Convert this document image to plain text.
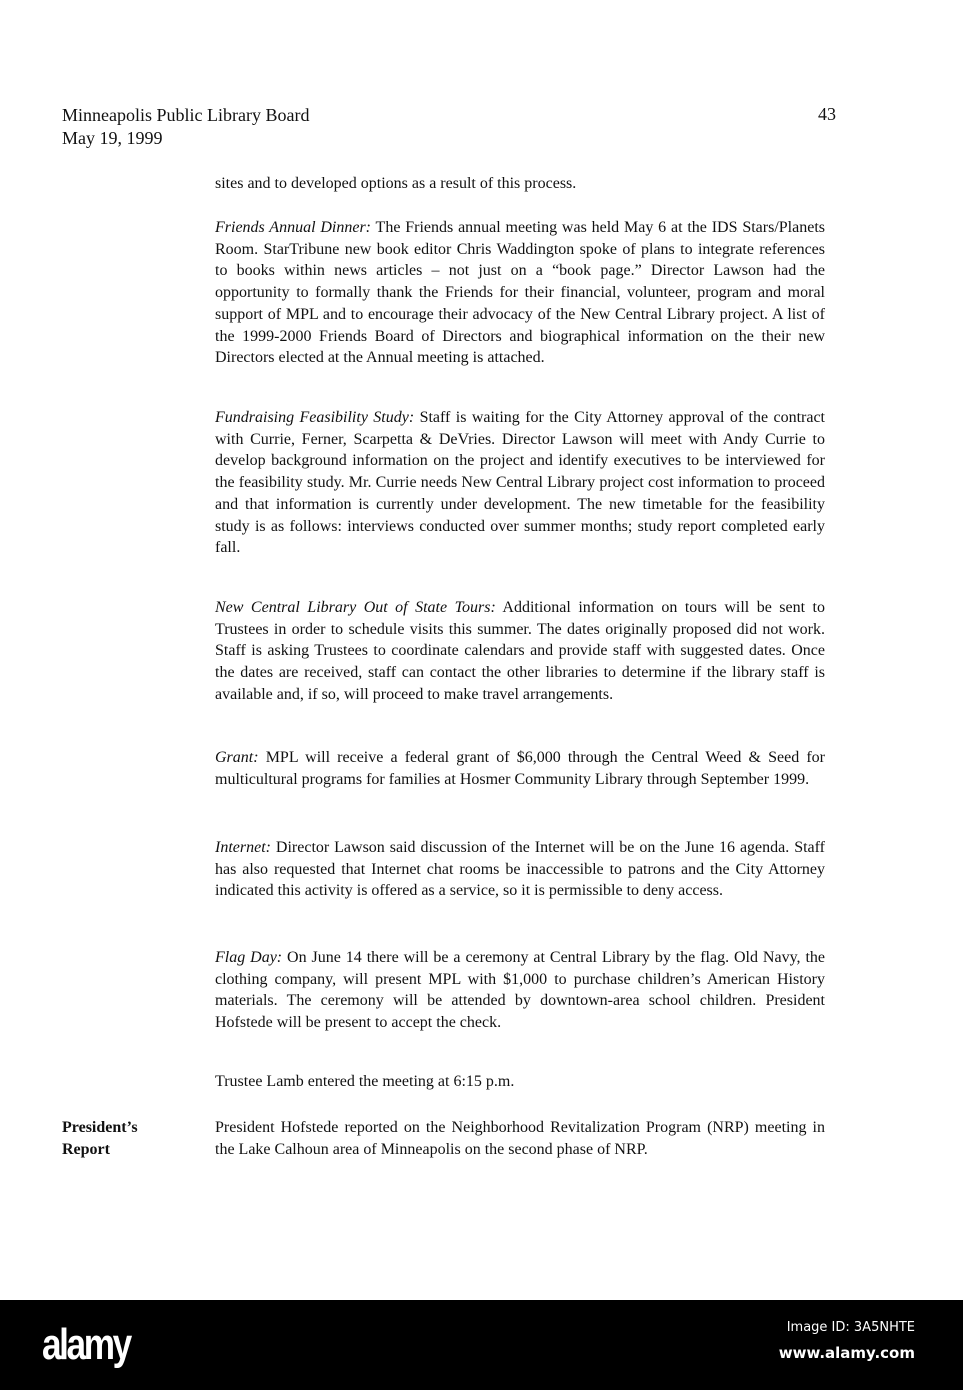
Minneapolis Public Library Board
May 19, 1999
43

sites and to developed options as a result of this process.

Friends Annual Dinner: The Friends annual meeting was held May 6 at the IDS Stars/Planets Room. StarTribune new book editor Chris Waddington spoke of plans to integrate references to books within news articles – not just on a “book page.” Director Lawson had the opportunity to formally thank the Friends for their financial, volunteer, program and moral support of MPL and to encourage their advocacy of the New Central Library project. A list of the 1999-2000 Friends Board of Directors and biographical information on the their new Directors elected at the Annual meeting is attached.

Fundraising Feasibility Study: Staff is waiting for the City Attorney approval of the contract with Currie, Ferner, Scarpetta & DeVries. Director Lawson will meet with Andy Currie to develop background information on the project and identify executives to be interviewed for the feasibility study. Mr. Currie needs New Central Library project cost information to proceed and that information is currently under development. The new timetable for the feasibility study is as follows: interviews conducted over summer months; study report completed early fall.

New Central Library Out of State Tours: Additional information on tours will be sent to Trustees in order to schedule visits this summer. The dates originally proposed did not work. Staff is asking Trustees to coordinate calendars and provide staff with suggested dates. Once the dates are received, staff can contact the other libraries to determine if the library staff is available and, if so, will proceed to make travel arrangements.

Grant: MPL will receive a federal grant of $6,000 through the Central Weed & Seed for multicultural programs for families at Hosmer Community Library through September 1999.

Internet: Director Lawson said discussion of the Internet will be on the June 16 agenda. Staff has also requested that Internet chat rooms be inaccessible to patrons and the City Attorney indicated this activity is offered as a service, so it is permissible to deny access.

Flag Day: On June 14 there will be a ceremony at Central Library by the flag. Old Navy, the clothing company, will present MPL with $1,000 to purchase children’s American History materials. The ceremony will be attended by downtown-area school children. President Hofstede will be present to accept the check.

Trustee Lamb entered the meeting at 6:15 p.m.

President’s
Report

President Hofstede reported on the Neighborhood Revitalization Program (NRP) meeting in the Lake Calhoun area of Minneapolis on the second phase of NRP.

alamy	Image ID: 3A5NHTE
www.alamy.com
